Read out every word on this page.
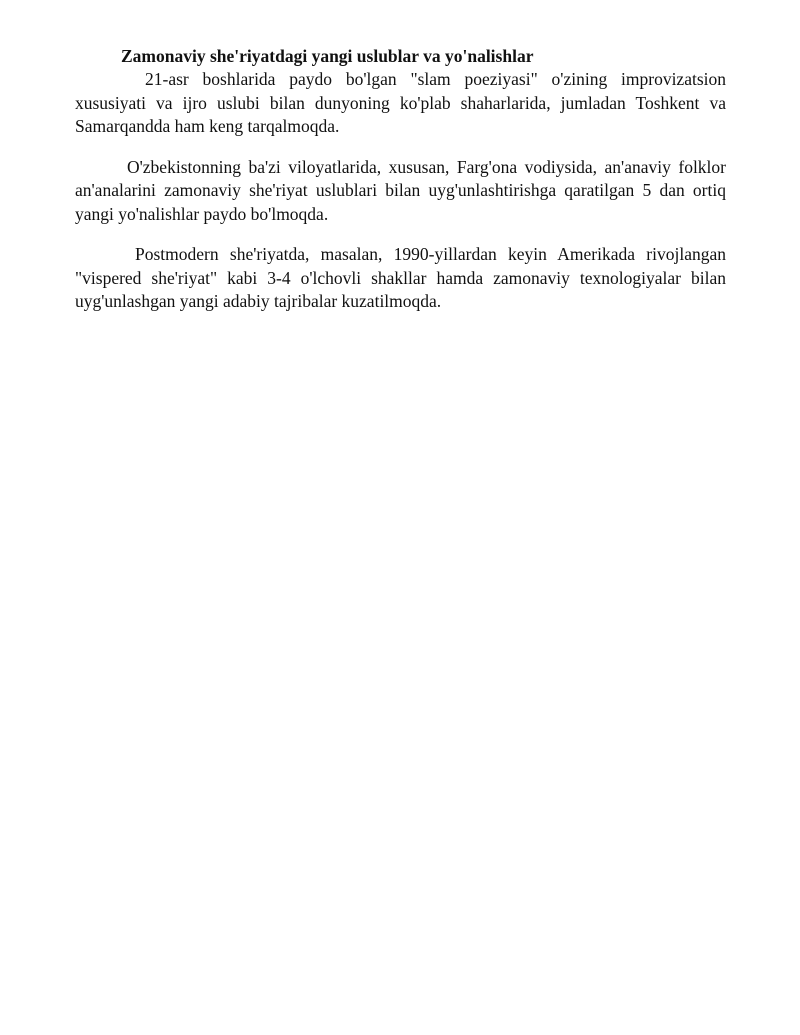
Zamonaviy she'riyatdagi yangi uslublar va yo'nalishlar

21-asr boshlarida paydo bo'lgan "slam poeziyasi" o'zining improvizatsion xususiyati va ijro uslubi bilan dunyoning ko'plab shaharlarida, jumladan Toshkent va Samarqandda ham keng tarqalmoqda.

O'zbekistonning ba'zi viloyatlarida, xususan, Farg'ona vodiysida, an'anaviy folklor an'analarini zamonaviy she'riyat uslublari bilan uyg'unlashtirishga qaratilgan 5 dan ortiq yangi yo'nalishlar paydo bo'lmoqda.

Postmodern she'riyatda, masalan, 1990-yillardan keyin Amerikada rivojlangan "vispered she'riyat" kabi 3-4 o'lchovli shakllar hamda zamonaviy texnologiyalar bilan uyg'unlashgan yangi adabiy tajribalar kuzatilmoqda.
